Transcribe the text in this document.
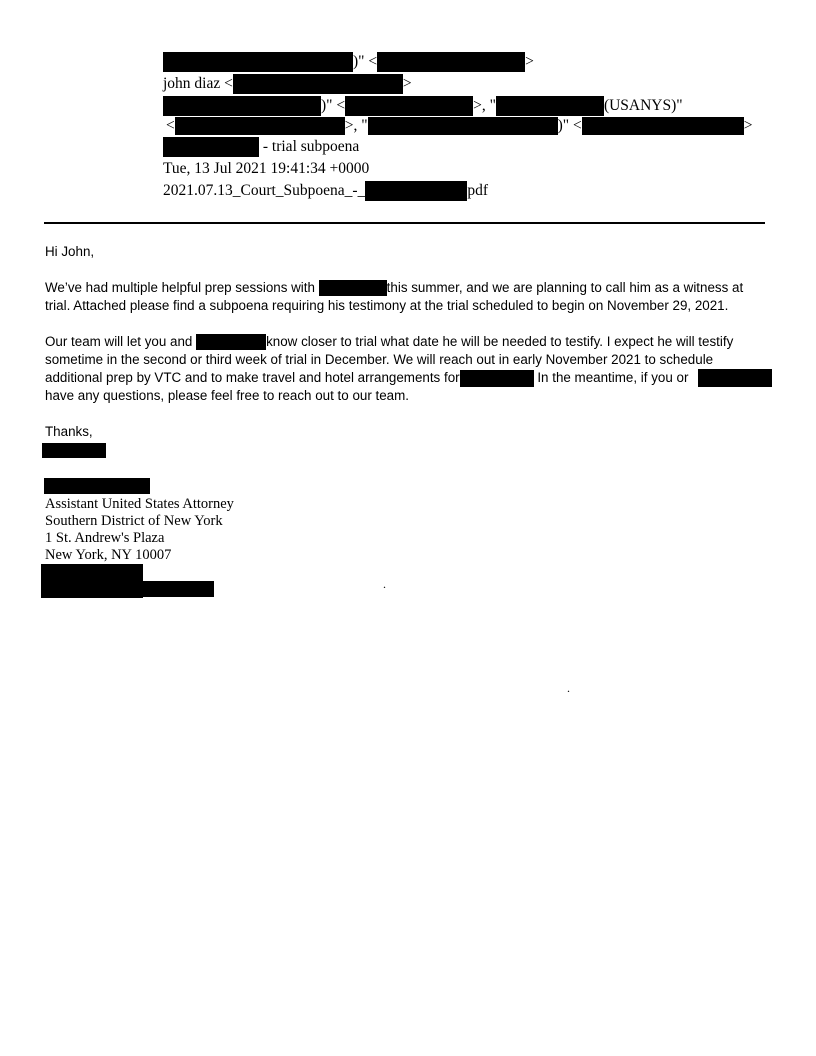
)" <	>
john diaz <	>
)" <	>, "	(USANYS)"
<	>, "	)" <	>
- trial subpoena
Tue, 13 Jul 2021 19:41:34 +0000
2021.07.13_Court_Subpoena_-_	pdf
Hi John,
We’ve had multiple helpful prep sessions with	this summer, and we are planning to call him as a witness at
trial. Attached please find a subpoena requiring his testimony at the trial scheduled to begin on November 29, 2021.
Our team will let you and	know closer to trial what date he will be needed to testify. I expect he will testify
sometime in the second or third week of trial in December. We will reach out in early November 2021 to schedule
additional prep by VTC and to make travel and hotel arrangements for	In the meantime, if you or
have any questions, please feel free to reach out to our team.
Thanks,
Assistant United States Attorney
Southern District of New York
1 St. Andrew's Plaza
New York, NY 10007
.
.
